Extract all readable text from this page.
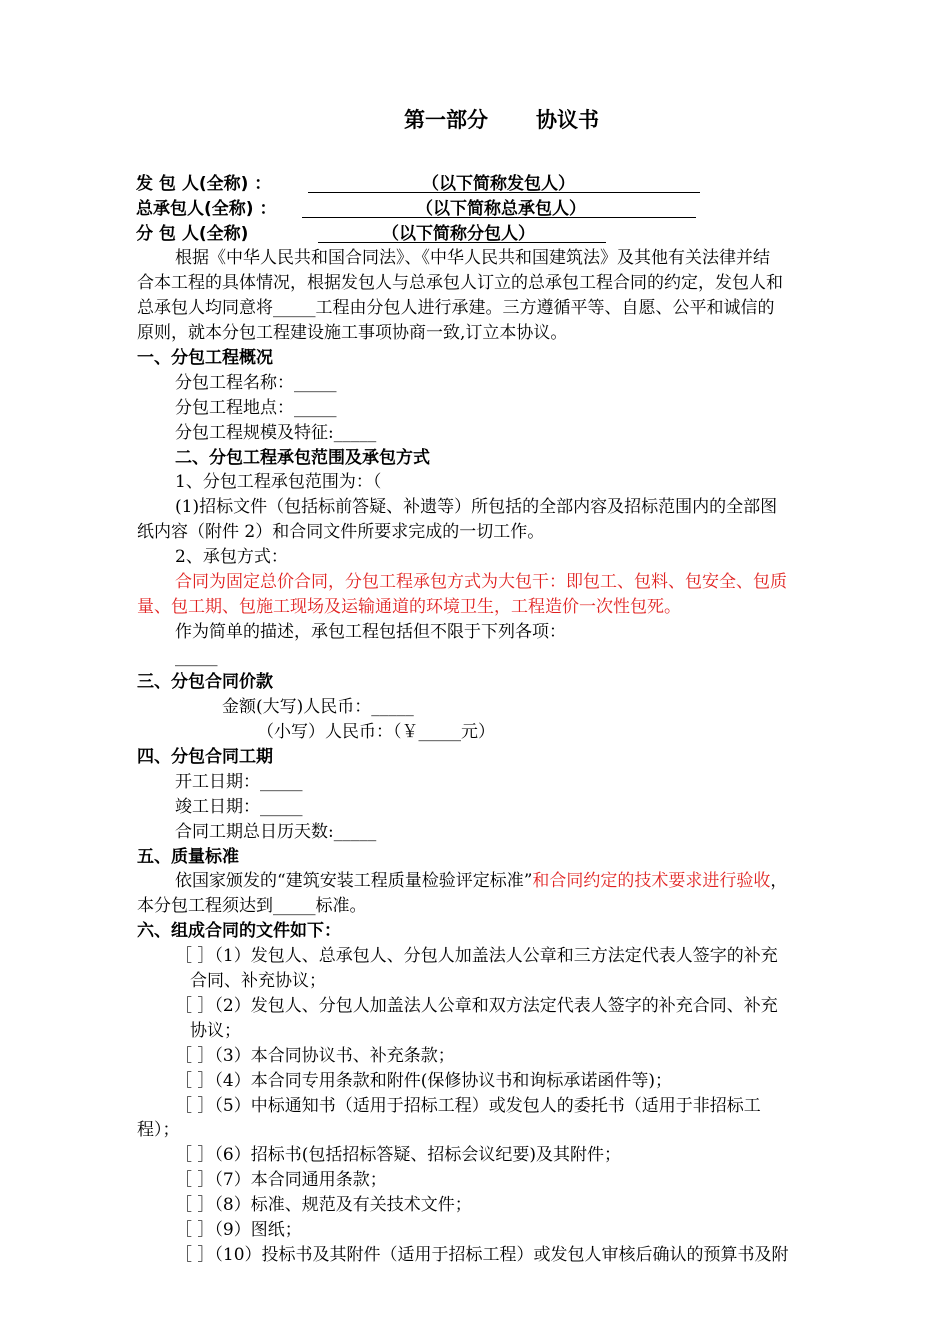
第一部分 协议书
发 包 人(全称) ：	（以下简称发包人）
总承包人(全称) ：	（以下简称总承包人）
分 包 人(全称)	（以下简称分包人）
根据《中华人民共和国合同法》、《中华人民共和国建筑法》及其他有关法律并结
合本工程的具体情况，根据发包人与总承包人订立的总承包工程合同的约定，发包人和
总承包人均同意将_____工程由分包人进行承建。三方遵循平等、自愿、公平和诚信的
原则，就本分包工程建设施工事项协商一致,订立本协议。
一、分包工程概况
分包工程名称：_____
分包工程地点：_____
分包工程规模及特征:_____
二、分包工程承包范围及承包方式
1、分包工程承包范围为：（
(1)招标文件（包括标前答疑、补遗等）所包括的全部内容及招标范围内的全部图
纸内容（附件 2）和合同文件所要求完成的一切工作。
2、承包方式：
合同为固定总价合同，分包工程承包方式为大包干：即包工、包料、包安全、包质
量、包工期、包施工现场及运输通道的环境卫生，工程造价一次性包死。
作为简单的描述，承包工程包括但不限于下列各项：
_____
三、分包合同价款
金额(大写)人民币：_____
（小写）人民币：（￥_____元）
四、分包合同工期
开工日期：_____
竣工日期：_____
合同工期总日历天数:_____
五、质量标准
依国家颁发的“建筑安装工程质量检验评定标准”和合同约定的技术要求进行验收，
本分包工程须达到_____标准。
六、组成合同的文件如下：
［ ］（1）发包人、总承包人、分包人加盖法人公章和三方法定代表人签字的补充
合同、补充协议；
［ ］（2）发包人、分包人加盖法人公章和双方法定代表人签字的补充合同、补充
协议；
［ ］（3）本合同协议书、补充条款；
［ ］（4）本合同专用条款和附件(保修协议书和询标承诺函件等)；
［ ］（5）中标通知书（适用于招标工程）或发包人的委托书（适用于非招标工
程）；
［ ］（6）招标书(包括招标答疑、招标会议纪要)及其附件；
［ ］（7）本合同通用条款；
［ ］（8）标准、规范及有关技术文件；
［ ］（9）图纸；
［ ］（10）投标书及其附件（适用于招标工程）或发包人审核后确认的预算书及附
